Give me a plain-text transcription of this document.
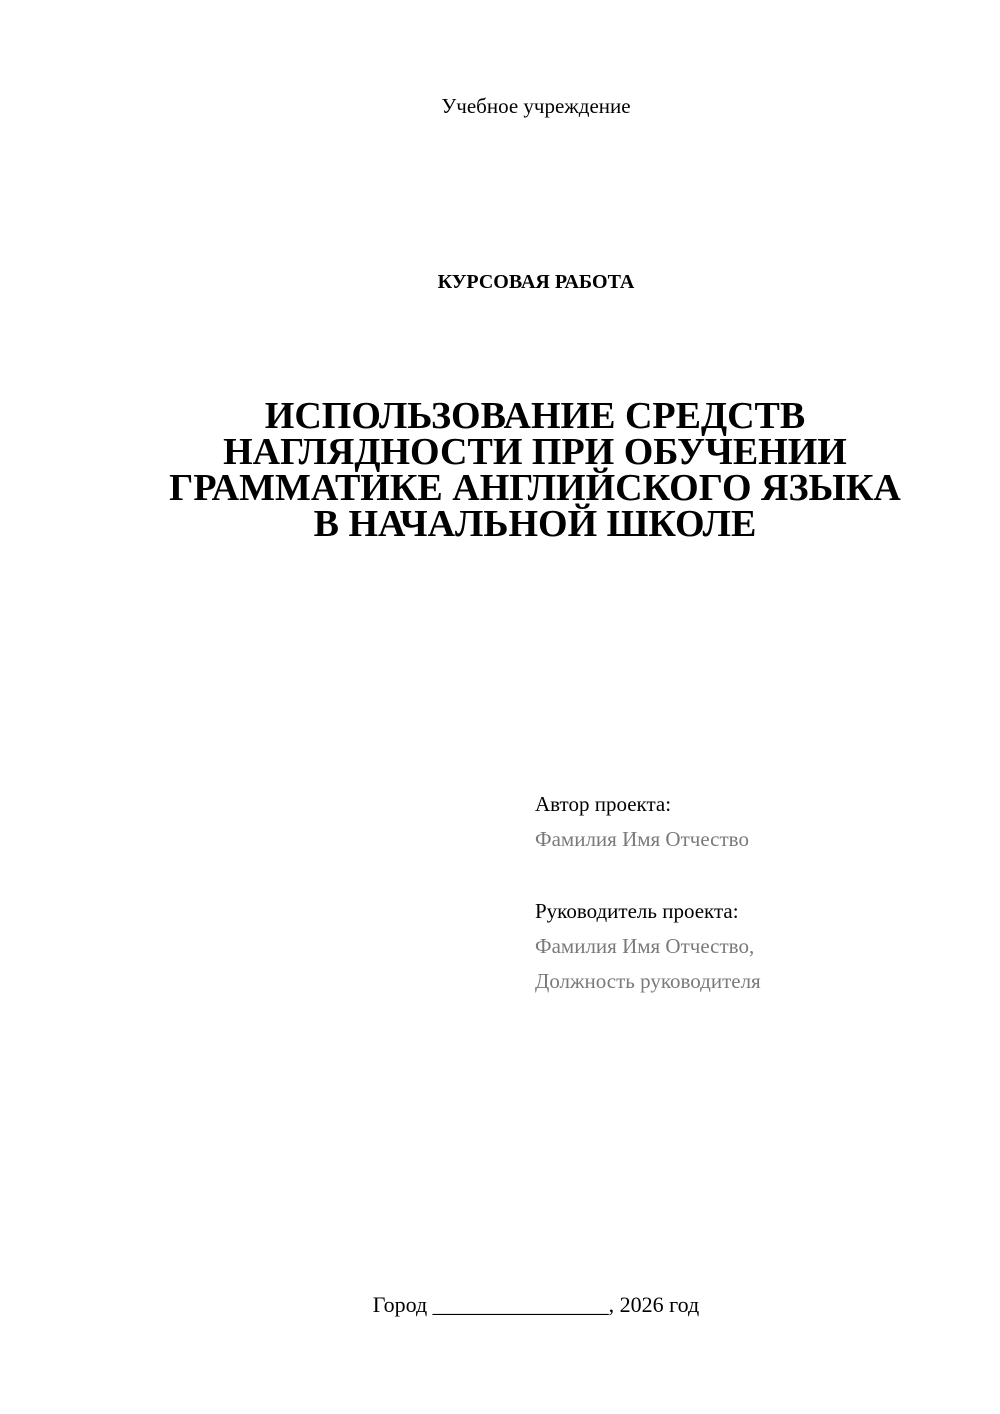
Учебное учреждение
КУРСОВАЯ РАБОТА
ИСПОЛЬЗОВАНИЕ СРЕДСТВ
НАГЛЯДНОСТИ ПРИ ОБУЧЕНИИ
ГРАММАТИКЕ АНГЛИЙСКОГО ЯЗЫКА
В НАЧАЛЬНОЙ ШКОЛЕ
Автор проекта:
Фамилия Имя Отчество
Руководитель проекта:
Фамилия Имя Отчество,
Должность руководителя
Город ________________, 2026 год
